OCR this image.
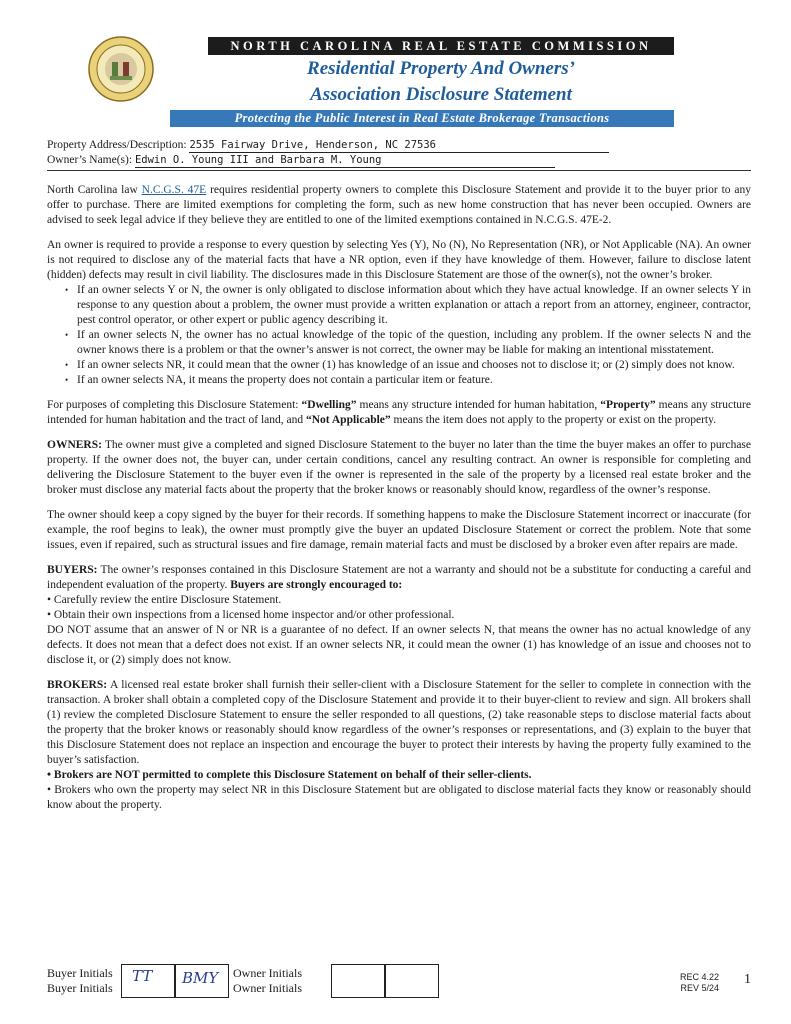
NORTH CAROLINA REAL ESTATE COMMISSION
Residential Property And Owners’
Association Disclosure Statement
Protecting the Public Interest in Real Estate Brokerage Transactions
Property Address/Description: 2535 Fairway Drive, Henderson, NC 27536
Owner’s Name(s): Edwin O. Young III and Barbara M. Young

North Carolina law N.C.G.S. 47E requires residential property owners to complete this Disclosure Statement and provide it to the buyer prior to any offer to purchase. There are limited exemptions for completing the form, such as new home construction that has never been occupied. Owners are advised to seek legal advice if they believe they are entitled to one of the limited exemptions contained in N.C.G.S. 47E-2.

An owner is required to provide a response to every question by selecting Yes (Y), No (N), No Representation (NR), or Not Applicable (NA). An owner is not required to disclose any of the material facts that have a NR option, even if they have knowledge of them. However, failure to disclose latent (hidden) defects may result in civil liability. The disclosures made in this Disclosure Statement are those of the owner(s), not the owner’s broker.

• If an owner selects Y or N, the owner is only obligated to disclose information about which they have actual knowledge. If an owner selects Y in response to any question about a problem, the owner must provide a written explanation or attach a report from an attorney, engineer, contractor, pest control operator, or other expert or public agency describing it.
• If an owner selects N, the owner has no actual knowledge of the topic of the question, including any problem. If the owner selects N and the owner knows there is a problem or that the owner’s answer is not correct, the owner may be liable for making an intentional misstatement.
• If an owner selects NR, it could mean that the owner (1) has knowledge of an issue and chooses not to disclose it; or (2) simply does not know.
• If an owner selects NA, it means the property does not contain a particular item or feature.

For purposes of completing this Disclosure Statement: “Dwelling” means any structure intended for human habitation, “Property” means any structure intended for human habitation and the tract of land, and “Not Applicable” means the item does not apply to the property or exist on the property.

OWNERS: The owner must give a completed and signed Disclosure Statement to the buyer no later than the time the buyer makes an offer to purchase property. If the owner does not, the buyer can, under certain conditions, cancel any resulting contract. An owner is responsible for completing and delivering the Disclosure Statement to the buyer even if the owner is represented in the sale of the property by a licensed real estate broker and the broker must disclose any material facts about the property that the broker knows or reasonably should know, regardless of the owner’s response.

The owner should keep a copy signed by the buyer for their records. If something happens to make the Disclosure Statement incorrect or inaccurate (for example, the roof begins to leak), the owner must promptly give the buyer an updated Disclosure Statement or correct the problem. Note that some issues, even if repaired, such as structural issues and fire damage, remain material facts and must be disclosed by a broker even after repairs are made.

BUYERS: The owner’s responses contained in this Disclosure Statement are not a warranty and should not be a substitute for conducting a careful and independent evaluation of the property. Buyers are strongly encouraged to:

• Carefully review the entire Disclosure Statement.
• Obtain their own inspections from a licensed home inspector and/or other professional.

DO NOT assume that an answer of N or NR is a guarantee of no defect. If an owner selects N, that means the owner has no actual knowledge of any defects. It does not mean that a defect does not exist. If an owner selects NR, it could mean the owner (1) has knowledge of an issue and chooses not to disclose it, or (2) simply does not know.

BROKERS: A licensed real estate broker shall furnish their seller-client with a Disclosure Statement for the seller to complete in connection with the transaction. A broker shall obtain a completed copy of the Disclosure Statement and provide it to their buyer-client to review and sign. All brokers shall (1) review the completed Disclosure Statement to ensure the seller responded to all questions, (2) take reasonable steps to disclose material facts about the property that the broker knows or reasonably should know regardless of the owner’s responses or representations, and (3) explain to the buyer that this Disclosure Statement does not replace an inspection and encourage the buyer to protect their interests by having the property fully examined to the buyer’s satisfaction.

• Brokers are NOT permitted to complete this Disclosure Statement on behalf of their seller-clients.
• Brokers who own the property may select NR in this Disclosure Statement but are obligated to disclose material facts they know or reasonably should know about the property.
Buyer Initials
Buyer Initials
TT BMY Owner Initials
Owner Initials
REC 4.22
REV 5/24
1
